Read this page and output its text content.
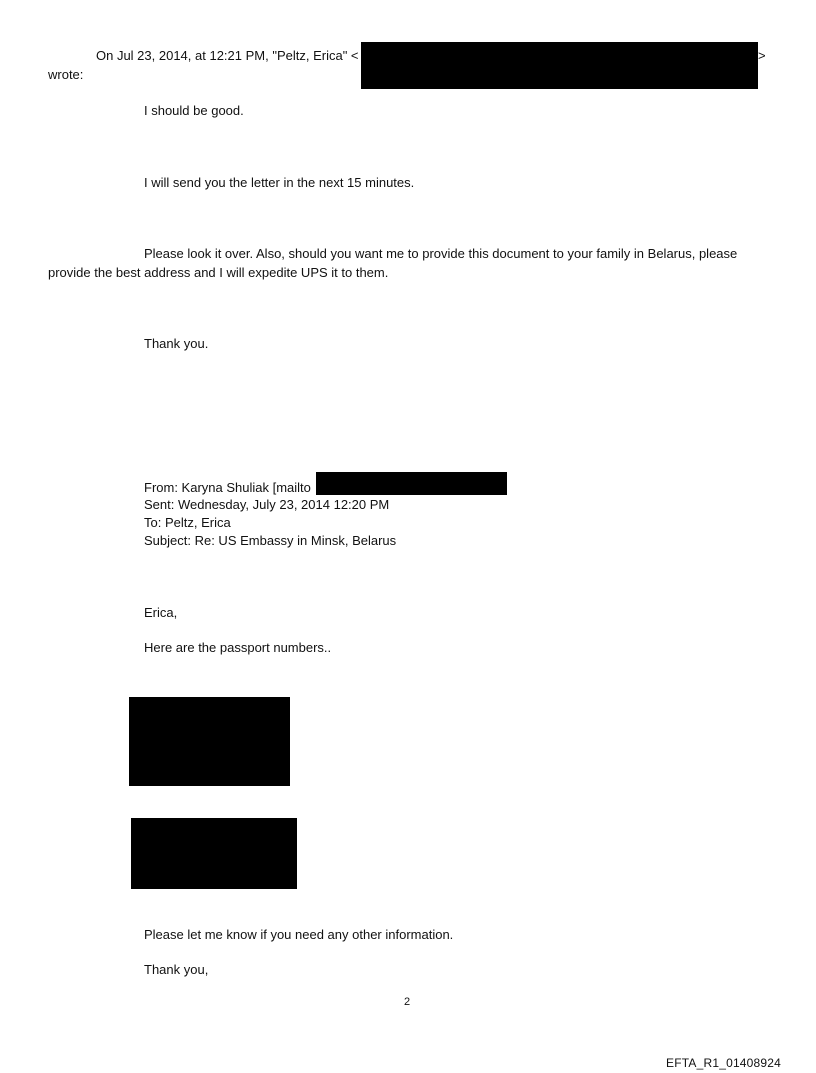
On Jul 23, 2014, at 12:21 PM, "Peltz, Erica" <	>
wrote:
I should be good.
I will send you the letter in the next 15 minutes.
Please look it over. Also, should you want me to provide this document to your family in Belarus, please
provide the best address and I will expedite UPS it to them.
Thank you.
From: Karyna Shuliak [mailto
Sent: Wednesday, July 23, 2014 12:20 PM
To: Peltz, Erica
Subject: Re: US Embassy in Minsk, Belarus
Erica,
Here are the passport numbers..
Please let me know if you need any other information.
Thank you,
2
EFTA_R1_01408924
